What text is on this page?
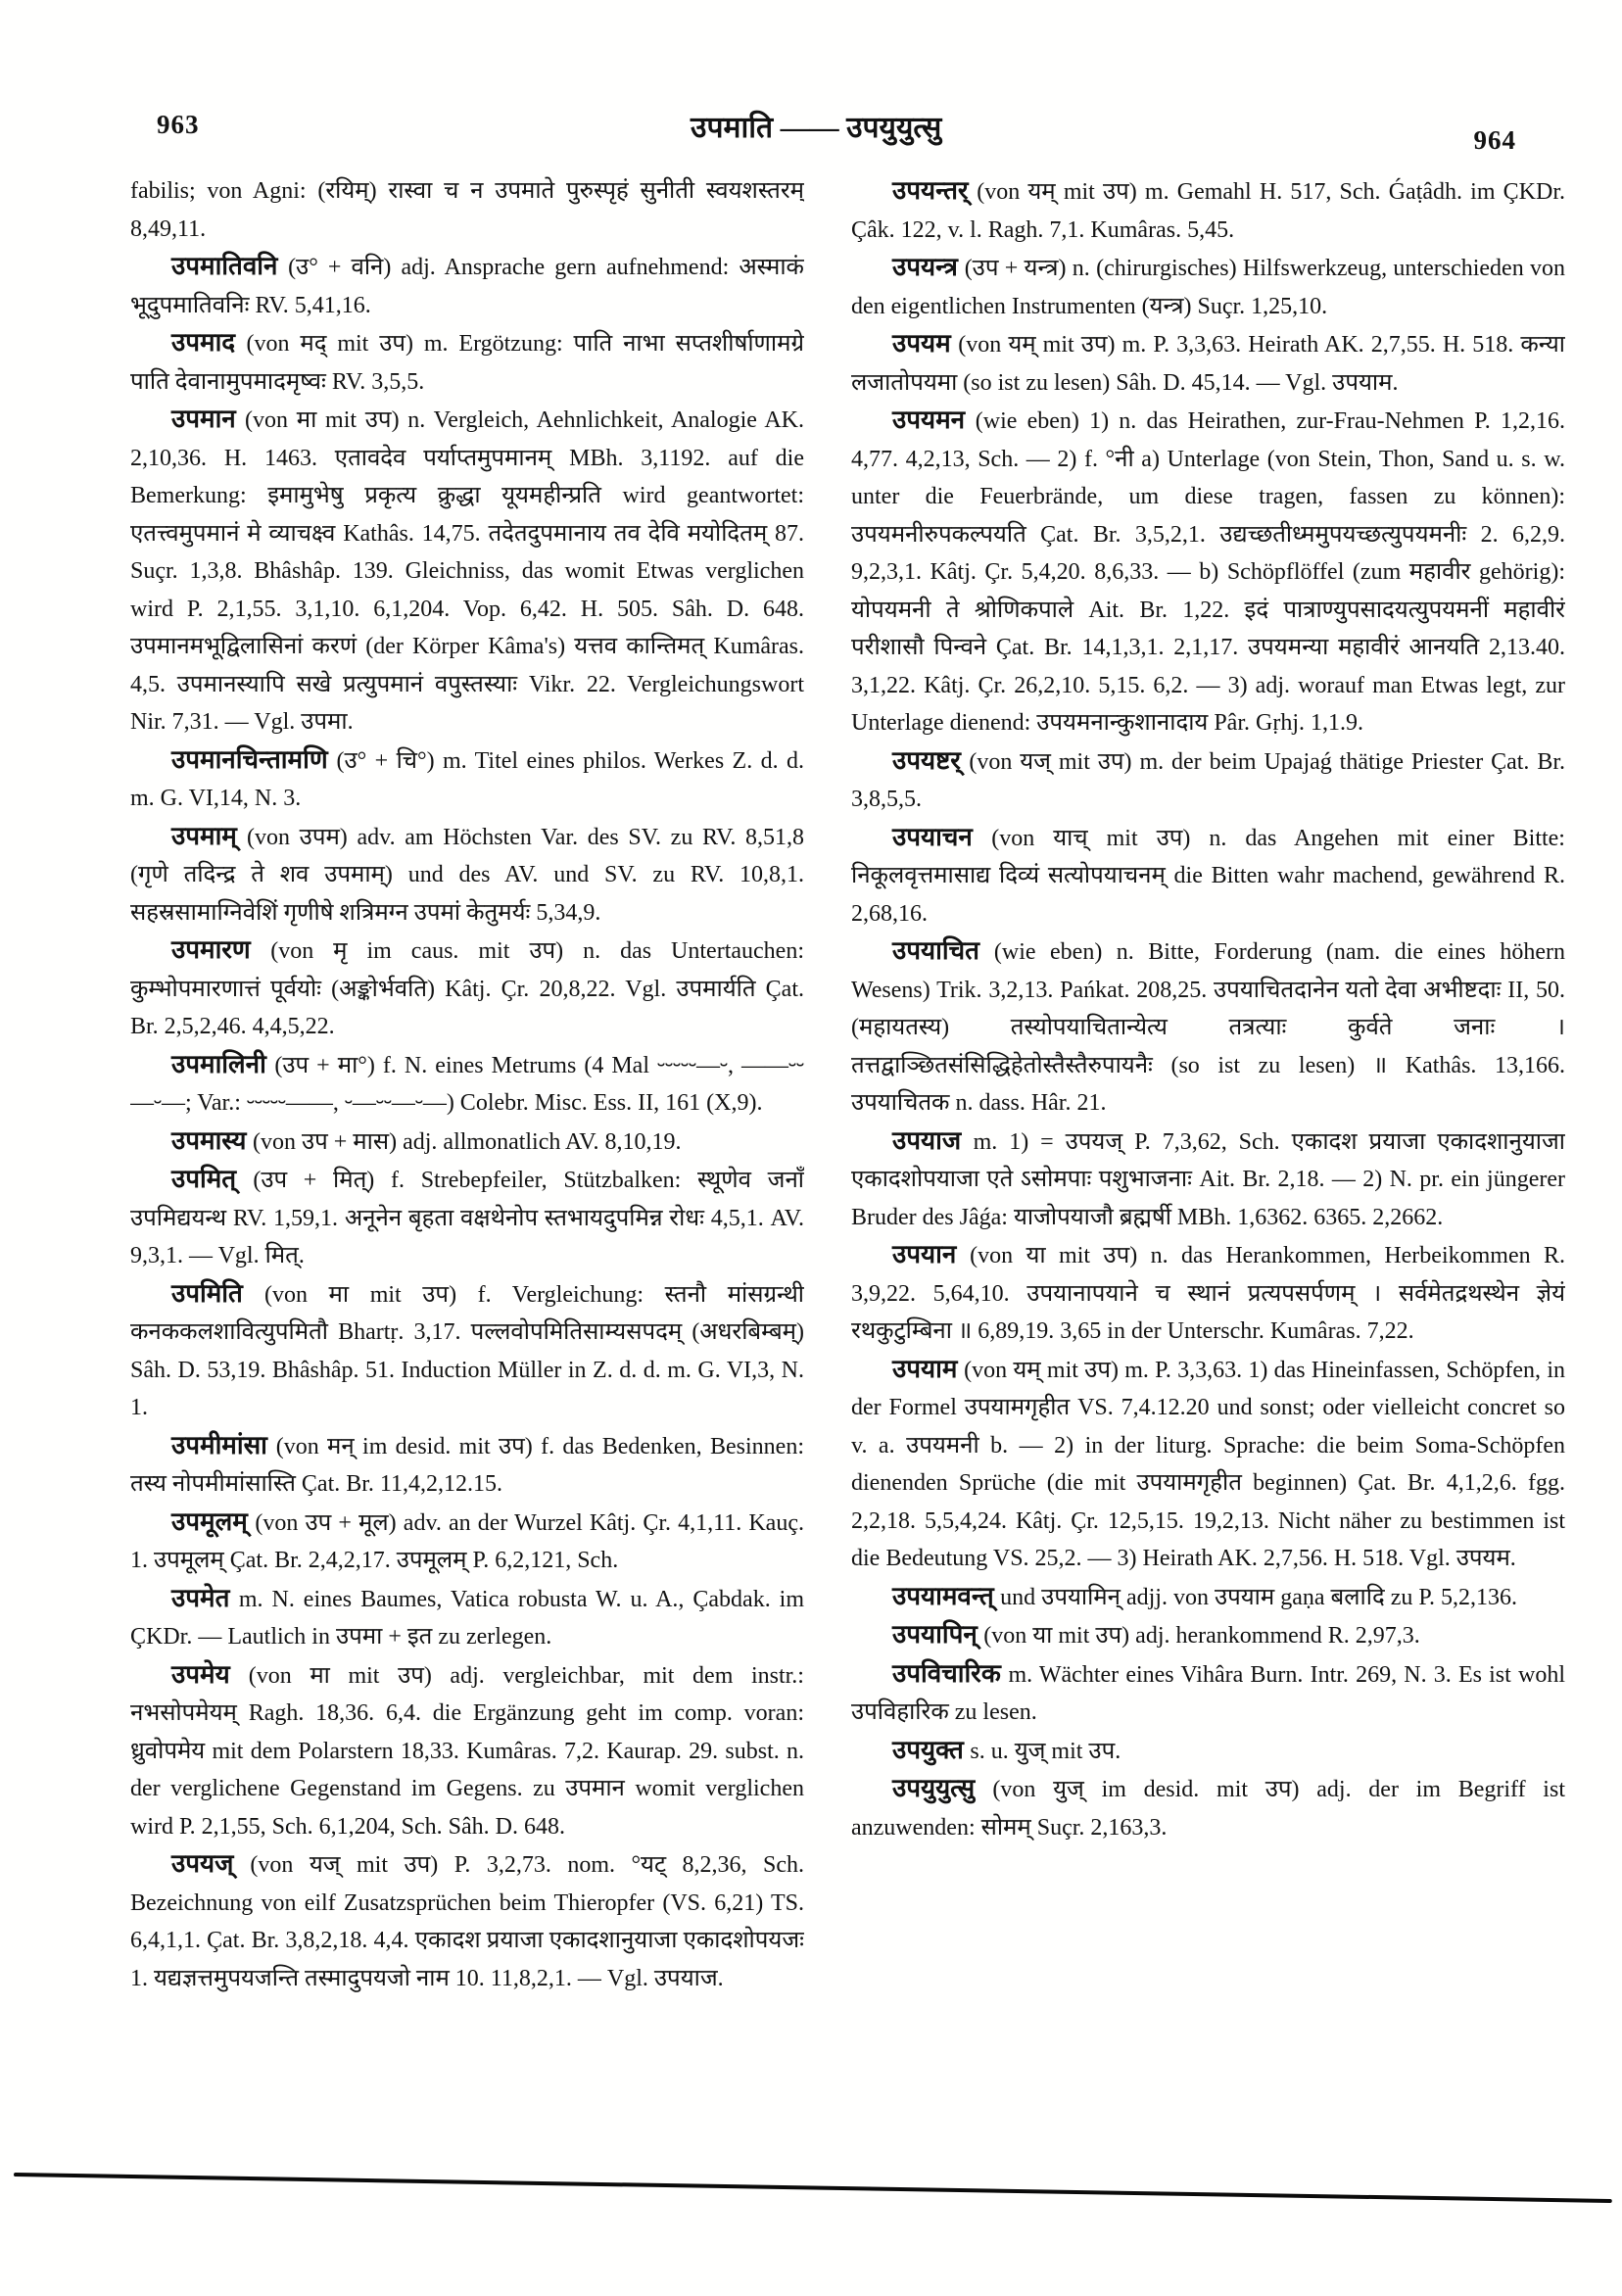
963	उपमाति —— उपयुयुत्सु	964

fabilis; von Agni: (रयिम्) रास्वा च न उपमाते पुरुस्पृहं सुनीती स्वयशस्तरम् 8,49,11.

उपमातिवनि (उ° + वनि) adj. Ansprache gern aufnehmend: अस्माकं भूदुपमातिवनिः RV. 5,41,16.

उपमाद (von मद् mit उप) m. Ergötzung: पाति नाभा सप्तशीर्षाणामग्रे पाति देवानामुपमादमृष्वः RV. 3,5,5.

उपमान (von मा mit उप) n. Vergleich, Aehnlichkeit, Analogie AK. 2,10,36. H. 1463. एतावदेव पर्याप्तमुपमानम् MBh. 3,1192. auf die Bemerkung: इमामुभेषु प्रकृत्य क्रुद्धा यूयमहीन्प्रति wird geantwortet: एतत्त्वमुपमानं मे व्याचक्ष्व Kathâs. 14,75. तदेतदुपमानाय तव देवि मयोदितम् 87. Suçr. 1,3,8. Bhâshâp. 139. Gleichniss, das womit Etwas verglichen wird P. 2,1,55. 3,1,10. 6,1,204. Vop. 6,42. H. 505. Sâh. D. 648. उपमानमभूद्विलासिनां करणं (der Körper Kâma's) यत्तव कान्तिमत् Kumâras. 4,5. उपमानस्यापि सखे प्रत्युपमानं वपुस्तस्याः Vikr. 22. Vergleichungswort Nir. 7,31. — Vgl. उपमा.

उपमानचिन्तामणि (उ° + चि°) m. Titel eines philos. Werkes Z. d. d. m. G. VI,14, N. 3.

उपमाम् (von उपम) adv. am Höchsten Var. des SV. zu RV. 8,51,8 (गृणे तदिन्द्र ते शव उपमाम्) und des AV. und SV. zu RV. 10,8,1. सहस्रसामाग्निवेशिं गृणीषे शत्रिमग्न उपमां केतुमर्यः 5,34,9.

उपमारण (von मृ im caus. mit उप) n. das Untertauchen: कुम्भोपमारणात्तं पूर्वयोः (अङ्कोर्भवति) Kâtj. Çr. 20,8,22. Vgl. उपमार्यति Çat. Br. 2,5,2,46. 4,4,5,22.

उपमालिनी (उप + मा°) f. N. eines Metrums (4 Mal ⏑⏑⏑⏑⏑—⏑, ——⏑⏑—⏑—; Var.: ⏑⏑⏑⏑⏑——, ⏑—⏑⏑—⏑—) Colebr. Misc. Ess. II, 161 (X,9).

उपमास्य (von उप + मास) adj. allmonatlich AV. 8,10,19.

उपमित् (उप + मित्) f. Strebepfeiler, Stützbalken: स्थूणेव जनाँ उपमिद्ययन्थ RV. 1,59,1. अनूनेन बृहता वक्षथेनोप स्तभायदुपमिन्न रोधः 4,5,1. AV. 9,3,1. — Vgl. मित्.

उपमिति (von मा mit उप) f. Vergleichung: स्तनौ मांसग्रन्थी कनककलशावित्युपमितौ Bhartṛ. 3,17. पल्लवोपमितिसाम्यसपदम् (अधरबिम्बम्) Sâh. D. 53,19. Bhâshâp. 51. Induction Müller in Z. d. d. m. G. VI,3, N. 1.

उपमीमांसा (von मन् im desid. mit उप) f. das Bedenken, Besinnen: तस्य नोपमीमांसास्ति Çat. Br. 11,4,2,12.15.

उपमूलम् (von उप + मूल) adv. an der Wurzel Kâtj. Çr. 4,1,11. Kauç. 1. उपमूलम् Çat. Br. 2,4,2,17. उपमूलम् P. 6,2,121, Sch.

उपमेत m. N. eines Baumes, Vatica robusta W. u. A., Çabdak. im ÇKDr. — Lautlich in उपमा + इत zu zerlegen.

उपमेय (von मा mit उप) adj. vergleichbar, mit dem instr.: नभसोपमेयम् Ragh. 18,36. 6,4. die Ergänzung geht im comp. voran: ध्रुवोपमेय mit dem Polarstern 18,33. Kumâras. 7,2. Kaurap. 29. subst. n. der verglichene Gegenstand im Gegens. zu उपमान womit verglichen wird P. 2,1,55, Sch. 6,1,204, Sch. Sâh. D. 648.

उपयज् (von यज् mit उप) P. 3,2,73. nom. °यट् 8,2,36, Sch. Bezeichnung von eilf Zusatzsprüchen beim Thieropfer (VS. 6,21) TS. 6,4,1,1. Çat. Br. 3,8,2,18. 4,4. एकादश प्रयाजा एकादशानुयाजा एकादशोपयजः 1. यद्यज्ञत्तमुपयजन्ति तस्मादुपयजो नाम 10. 11,8,2,1. — Vgl. उपयाज.

उपयन्तर् (von यम् mit उप) m. Gemahl H. 517, Sch. Ǵaṭâdh. im ÇKDr. Çâk. 122, v. l. Ragh. 7,1. Kumâras. 5,45.

उपयन्त्र (उप + यन्त्र) n. (chirurgisches) Hilfswerkzeug, unterschieden von den eigentlichen Instrumenten (यन्त्र) Suçr. 1,25,10.

उपयम (von यम् mit उप) m. P. 3,3,63. Heirath AK. 2,7,55. H. 518. कन्या लजातोपयमा (so ist zu lesen) Sâh. D. 45,14. — Vgl. उपयाम.

उपयमन (wie eben) 1) n. das Heirathen, zur-Frau-Nehmen P. 1,2,16. 4,77. 4,2,13, Sch. — 2) f. °नी a) Unterlage (von Stein, Thon, Sand u. s. w. unter die Feuerbrände, um diese tragen, fassen zu können): उपयमनीरुपकल्पयति Çat. Br. 3,5,2,1. उद्यच्छतीध्ममुपयच्छत्युपयमनीः 2. 6,2,9. 9,2,3,1. Kâtj. Çr. 5,4,20. 8,6,33. — b) Schöpflöffel (zum महावीर gehörig): योपयमनी ते श्रोणिकपाले Ait. Br. 1,22. इदं पात्राण्युपसादयत्युपयमनीं महावीरं परीशासौ पिन्वने Çat. Br. 14,1,3,1. 2,1,17. उपयमन्या महावीरं आनयति 2,13.40. 3,1,22. Kâtj. Çr. 26,2,10. 5,15. 6,2. — 3) adj. worauf man Etwas legt, zur Unterlage dienend: उपयमनान्कुशानादाय Pâr. Gṛhj. 1,1.9.

उपयष्टर् (von यज् mit उप) m. der beim Upajaǵ thätige Priester Çat. Br. 3,8,5,5.

उपयाचन (von याच् mit उप) n. das Angehen mit einer Bitte: निकूलवृत्तमासाद्य दिव्यं सत्योपयाचनम् die Bitten wahr machend, gewährend R. 2,68,16.

उपयाचित (wie eben) n. Bitte, Forderung (nam. die eines höhern Wesens) Trik. 3,2,13. Pańkat. 208,25. उपयाचितदानेन यतो देवा अभीष्टदाः II, 50. (महायतस्य) तस्योपयाचितान्येत्य तत्रत्याः कुर्वते जनाः । तत्तद्वाञ्छितसंसिद्धिहेतोस्तैस्तैरुपायनैः (so ist zu lesen) ॥ Kathâs. 13,166. उपयाचितक n. dass. Hâr. 21.

उपयाज m. 1) = उपयज् P. 7,3,62, Sch. एकादश प्रयाजा एकादशानुयाजा एकादशोपयाजा एते ऽसोमपाः पशुभाजनाः Ait. Br. 2,18. — 2) N. pr. ein jüngerer Bruder des Jâǵa: याजोपयाजौ ब्रह्मर्षी MBh. 1,6362. 6365. 2,2662.

उपयान (von या mit उप) n. das Herankommen, Herbeikommen R. 3,9,22. 5,64,10. उपयानापयाने च स्थानं प्रत्यपसर्पणम् । सर्वमेतद्रथस्थेन ज्ञेयं रथकुटुम्बिना ॥ 6,89,19. 3,65 in der Unterschr. Kumâras. 7,22.

उपयाम (von यम् mit उप) m. P. 3,3,63. 1) das Hineinfassen, Schöpfen, in der Formel उपयामगृहीत VS. 7,4.12.20 und sonst; oder vielleicht concret so v. a. उपयमनी b. — 2) in der liturg. Sprache: die beim Soma-Schöpfen dienenden Sprüche (die mit उपयामगृहीत beginnen) Çat. Br. 4,1,2,6. fgg. 2,2,18. 5,5,4,24. Kâtj. Çr. 12,5,15. 19,2,13. Nicht näher zu bestimmen ist die Bedeutung VS. 25,2. — 3) Heirath AK. 2,7,56. H. 518. Vgl. उपयम.

उपयामवन्त् und उपयामिन् adjj. von उपयाम gaṇa बलादि zu P. 5,2,136.

उपयापिन् (von या mit उप) adj. herankommend R. 2,97,3.

उपविचारिक m. Wächter eines Vihâra Burn. Intr. 269, N. 3. Es ist wohl उपविहारिक zu lesen.

उपयुक्त s. u. युज् mit उप.

उपयुयुत्सु (von युज् im desid. mit उप) adj. der im Begriff ist anzuwenden: सोमम् Suçr. 2,163,3.
